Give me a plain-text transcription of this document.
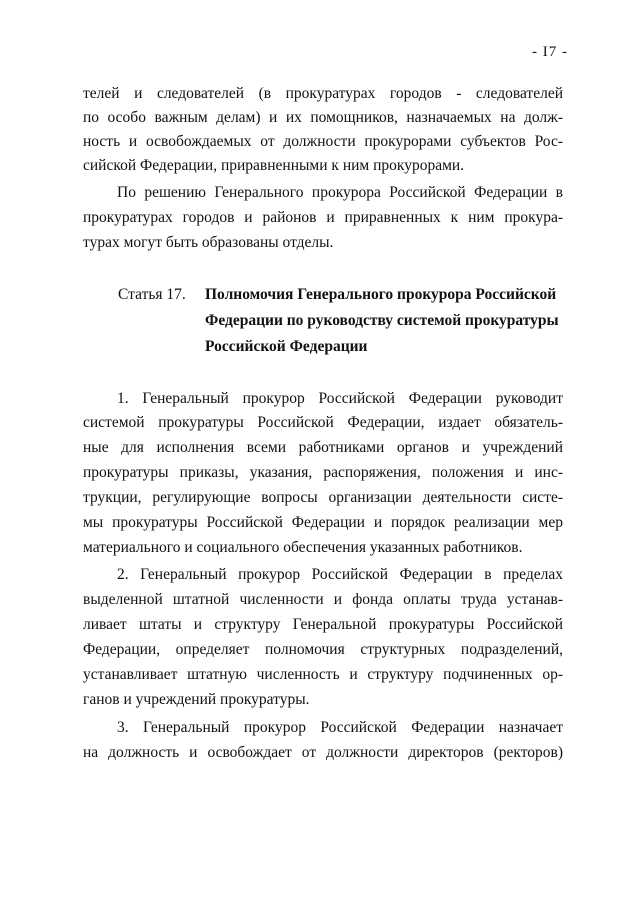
- I7 -
телей и следователей (в прокуратурах городов - следователей
по особо важным делам) и их помощников, назначаемых на долж-
ность и освобождаемых от должности прокурорами субъектов Рос-
сийской Федерации, приравненными к ним прокурорами.
По решению Генерального прокурора Российской Федерации в
прокуратурах городов и районов и приравненных к ним прокура-
турах могут быть образованы отделы.
Статья 17. Полномочия Генерального прокурора Российской
Федерации по руководству системой прокуратуры
Российской Федерации
1. Генеральный прокурор Российской Федерации руководит
системой прокуратуры Российской Федерации, издает обязатель-
ные для исполнения всеми работниками органов и учреждений
прокуратуры приказы, указания, распоряжения, положения и инс-
трукции, регулирующие вопросы организации деятельности систе-
мы прокуратуры Российской Федерации и порядок реализации мер
материального и социального обеспечения указанных работников.
2. Генеральный прокурор Российской Федерации в пределах
выделенной штатной численности и фонда оплаты труда устанав-
ливает штаты и структуру Генеральной прокуратуры Российской
Федерации, определяет полномочия структурных подразделений,
устанавливает штатную численность и структуру подчиненных ор-
ганов и учреждений прокуратуры.
3. Генеральный прокурор Российской Федерации назначает
на должность и освобождает от должности директоров (ректоров)
